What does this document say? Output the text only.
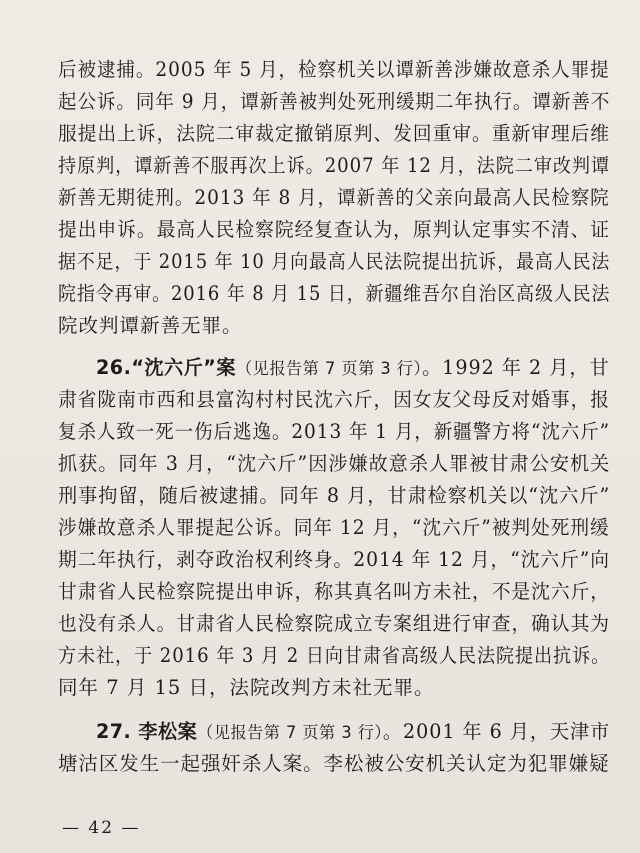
后被逮捕。2005 年 5 月，检察机关以谭新善涉嫌故意杀人罪提
起公诉。同年 9 月，谭新善被判处死刑缓期二年执行。谭新善不
服提出上诉，法院二审裁定撤销原判、发回重审。重新审理后维
持原判，谭新善不服再次上诉。2007 年 12 月，法院二审改判谭
新善无期徒刑。2013 年 8 月，谭新善的父亲向最高人民检察院
提出申诉。最高人民检察院经复查认为，原判认定事实不清、证
据不足，于 2015 年 10 月向最高人民法院提出抗诉，最高人民法
院指令再审。2016 年 8 月 15 日，新疆维吾尔自治区高级人民法
院改判谭新善无罪。
26.“沈六斤”案（见报告第 7 页第 3 行）。1992 年 2 月，甘
肃省陇南市西和县富沟村村民沈六斤，因女友父母反对婚事，报
复杀人致一死一伤后逃逸。2013 年 1 月，新疆警方将“沈六斤”
抓获。同年 3 月，“沈六斤”因涉嫌故意杀人罪被甘肃公安机关
刑事拘留，随后被逮捕。同年 8 月，甘肃检察机关以“沈六斤”
涉嫌故意杀人罪提起公诉。同年 12 月，“沈六斤”被判处死刑缓
期二年执行，剥夺政治权利终身。2014 年 12 月，“沈六斤”向
甘肃省人民检察院提出申诉，称其真名叫方未社，不是沈六斤，
也没有杀人。甘肃省人民检察院成立专案组进行审查，确认其为
方未社，于 2016 年 3 月 2 日向甘肃省高级人民法院提出抗诉。
同年 7 月 15 日，法院改判方未社无罪。
27. 李松案（见报告第 7 页第 3 行）。2001 年 6 月，天津市
塘沽区发生一起强奸杀人案。李松被公安机关认定为犯罪嫌疑
— 42 —
